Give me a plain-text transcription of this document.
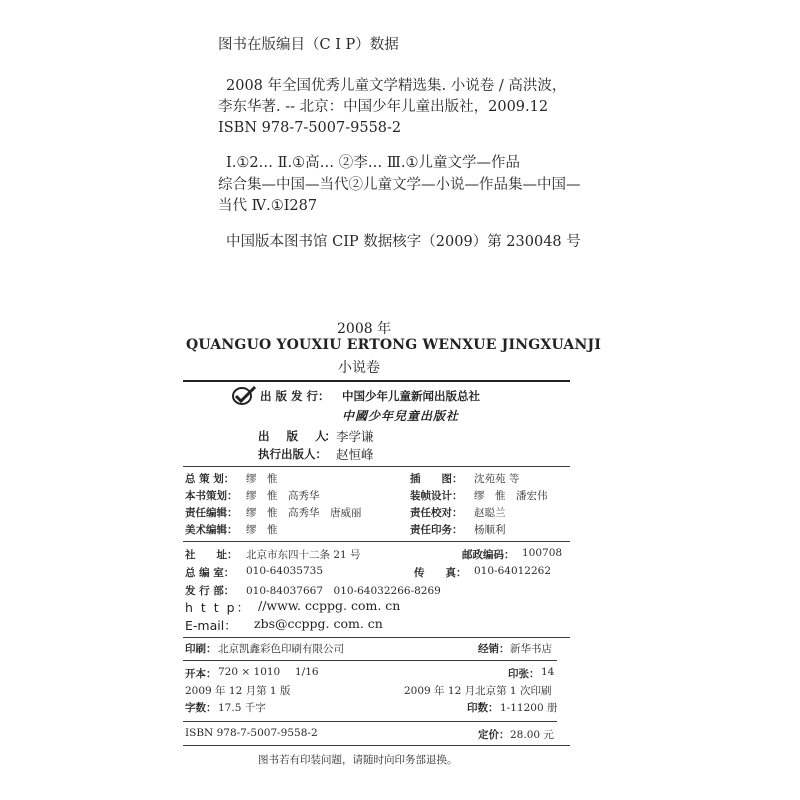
图书在版编目（C I P）数据
2008 年全国优秀儿童文学精选集. 小说卷 / 高洪波，
李东华著. -- 北京：中国少年儿童出版社，2009.12
ISBN 978-7-5007-9558-2
Ⅰ.①2… Ⅱ.①高… ②李… Ⅲ.①儿童文学—作品
综合集—中国—当代②儿童文学—小说—作品集—中国—
当代 Ⅳ.①I287
中国版本图书馆 CIP 数据核字（2009）第 230048 号
2008 年
QUANGUO YOUXIU ERTONG WENXUE JINGXUANJI
小说卷
出 版 发 行： 中国少年儿童新闻出版总社
中國少年兒童出版社
出　　版　　人： 李学谦
执行出版人： 赵恒峰
总 策 划： 缪　惟	插　　图： 沈苑苑 等
本书策划： 缪　惟　高秀华	装帧设计： 缪　惟　潘宏伟
责任编辑： 缪　惟　高秀华　唐威丽	责任校对： 赵聪兰
美术编辑： 缪　惟	责任印务： 杨顺利
社　　址： 北京市东四十二条 21 号	邮政编码： 100708
总 编 室： 010-64035735	传　　真： 010-64012262
发 行 部： 010-84037667　010-64032266-8269
h t t p： //www. ccppg. com. cn
E-mail： zbs@ccppg. com. cn
印刷： 北京凯鑫彩色印刷有限公司	经销： 新华书店
开本： 720 × 1010 1/16	印张： 14
2009 年 12 月第 1 版	2009 年 12 月北京第 1 次印刷
字数： 17.5 千字	印数： 1-11200 册
ISBN 978-7-5007-9558-2	定价： 28.00 元
图书若有印装问题，请随时向印务部退换。
